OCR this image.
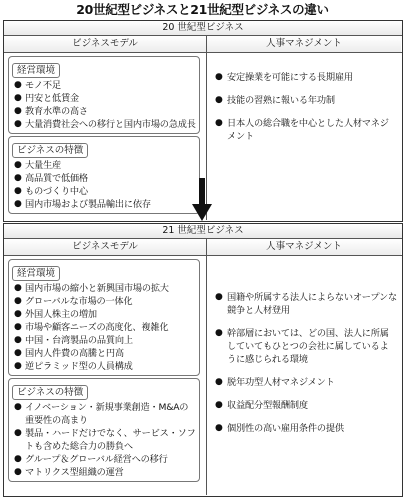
20世紀型ビジネスと21世紀型ビジネスの違い
20 世紀型ビジネス
ビジネスモデル	人事マネジメント
経営環境
● モノ不足
● 円安と低賃金
● 教育水準の高さ
● 大量消費社会への移行と国内市場の急成長
ビジネスの特徴
● 大量生産
● 高品質で低価格
● ものづくり中心
● 国内市場および製品輸出に依存
● 安定操業を可能にする長期雇用
● 技能の習熟に報いる年功制
● 日本人の総合職を中心とした人材マネジメント
21 世紀型ビジネス
ビジネスモデル	人事マネジメント
経営環境
● 国内市場の縮小と新興国市場の拡大
● グローバルな市場の一体化
● 外国人株主の増加
● 市場や顧客ニーズの高度化、複雑化
● 中国・台湾製品の品質向上
● 国内人件費の高騰と円高
● 逆ピラミッド型の人員構成
ビジネスの特徴
● イノベーション・新規事業創造・M&Aの重要性の高まり
● 製品・ハードだけでなく、サービス・ソフトも含めた総合力の勝負へ
● グループ＆グローバル経営への移行
● マトリクス型組織の運営
● 国籍や所属する法人によらないオープンな競争と人材登用
● 幹部層においては、どの国、法人に所属していてもひとつの会社に属しているように感じられる環境
● 脱年功型人材マネジメント
● 収益配分型報酬制度
● 個別性の高い雇用条件の提供
